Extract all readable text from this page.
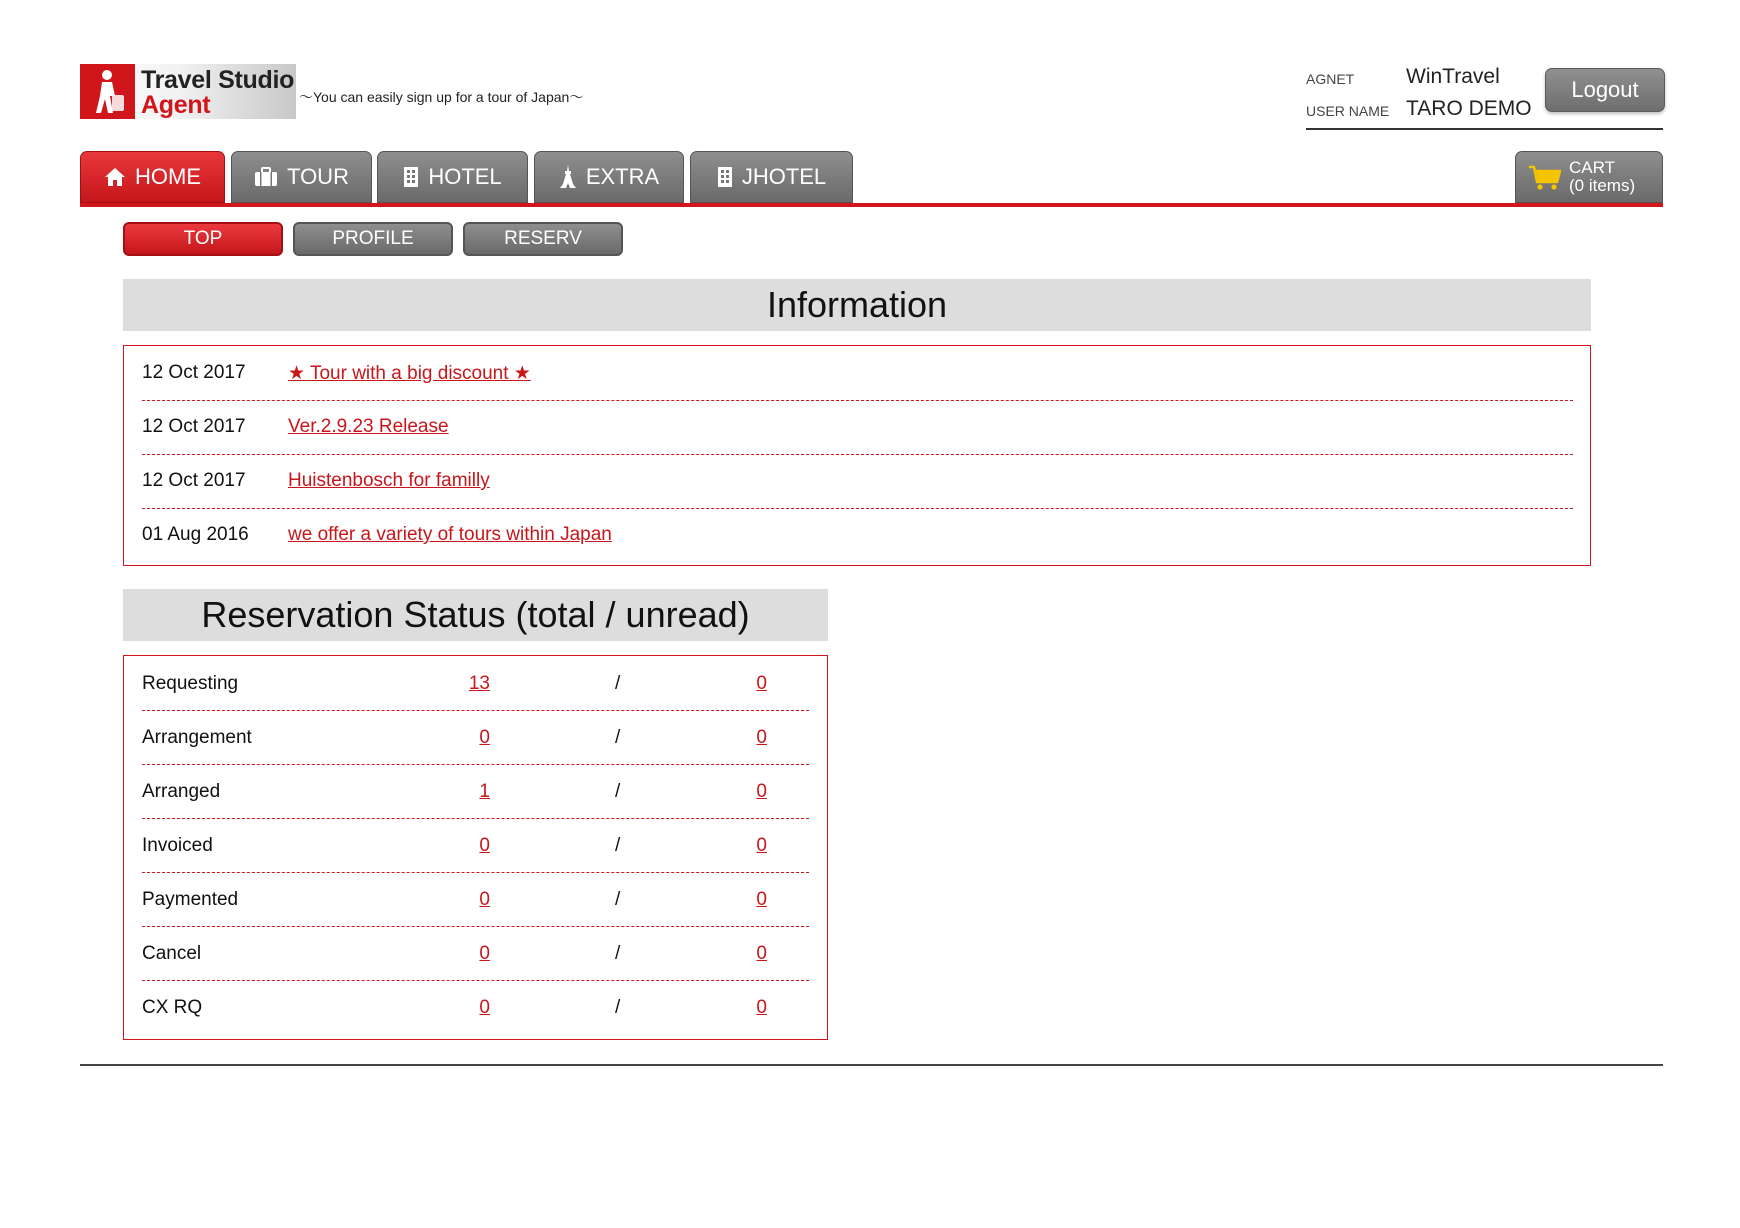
Travel Studio
Agent	～You can easily sign up for a tour of Japan～
AGNET WinTravel
USER NAME TARO DEMO
Logout
HOME	TOUR	HOTEL	EXTRA	JHOTEL	CART
(0 items)
TOP	PROFILE	RESERV
Information
12 Oct 2017 ★ Tour with a big discount ★
12 Oct 2017 Ver.2.9.23 Release
12 Oct 2017 Huistenbosch for familly
01 Aug 2016 we offer a variety of tours within Japan
Reservation Status (total / unread)
Requesting	13	/	0
Arrangement	0	/	0
Arranged	1	/	0
Invoiced	0	/	0
Paymented	0	/	0
Cancel	0	/	0
CX RQ	0	/	0
